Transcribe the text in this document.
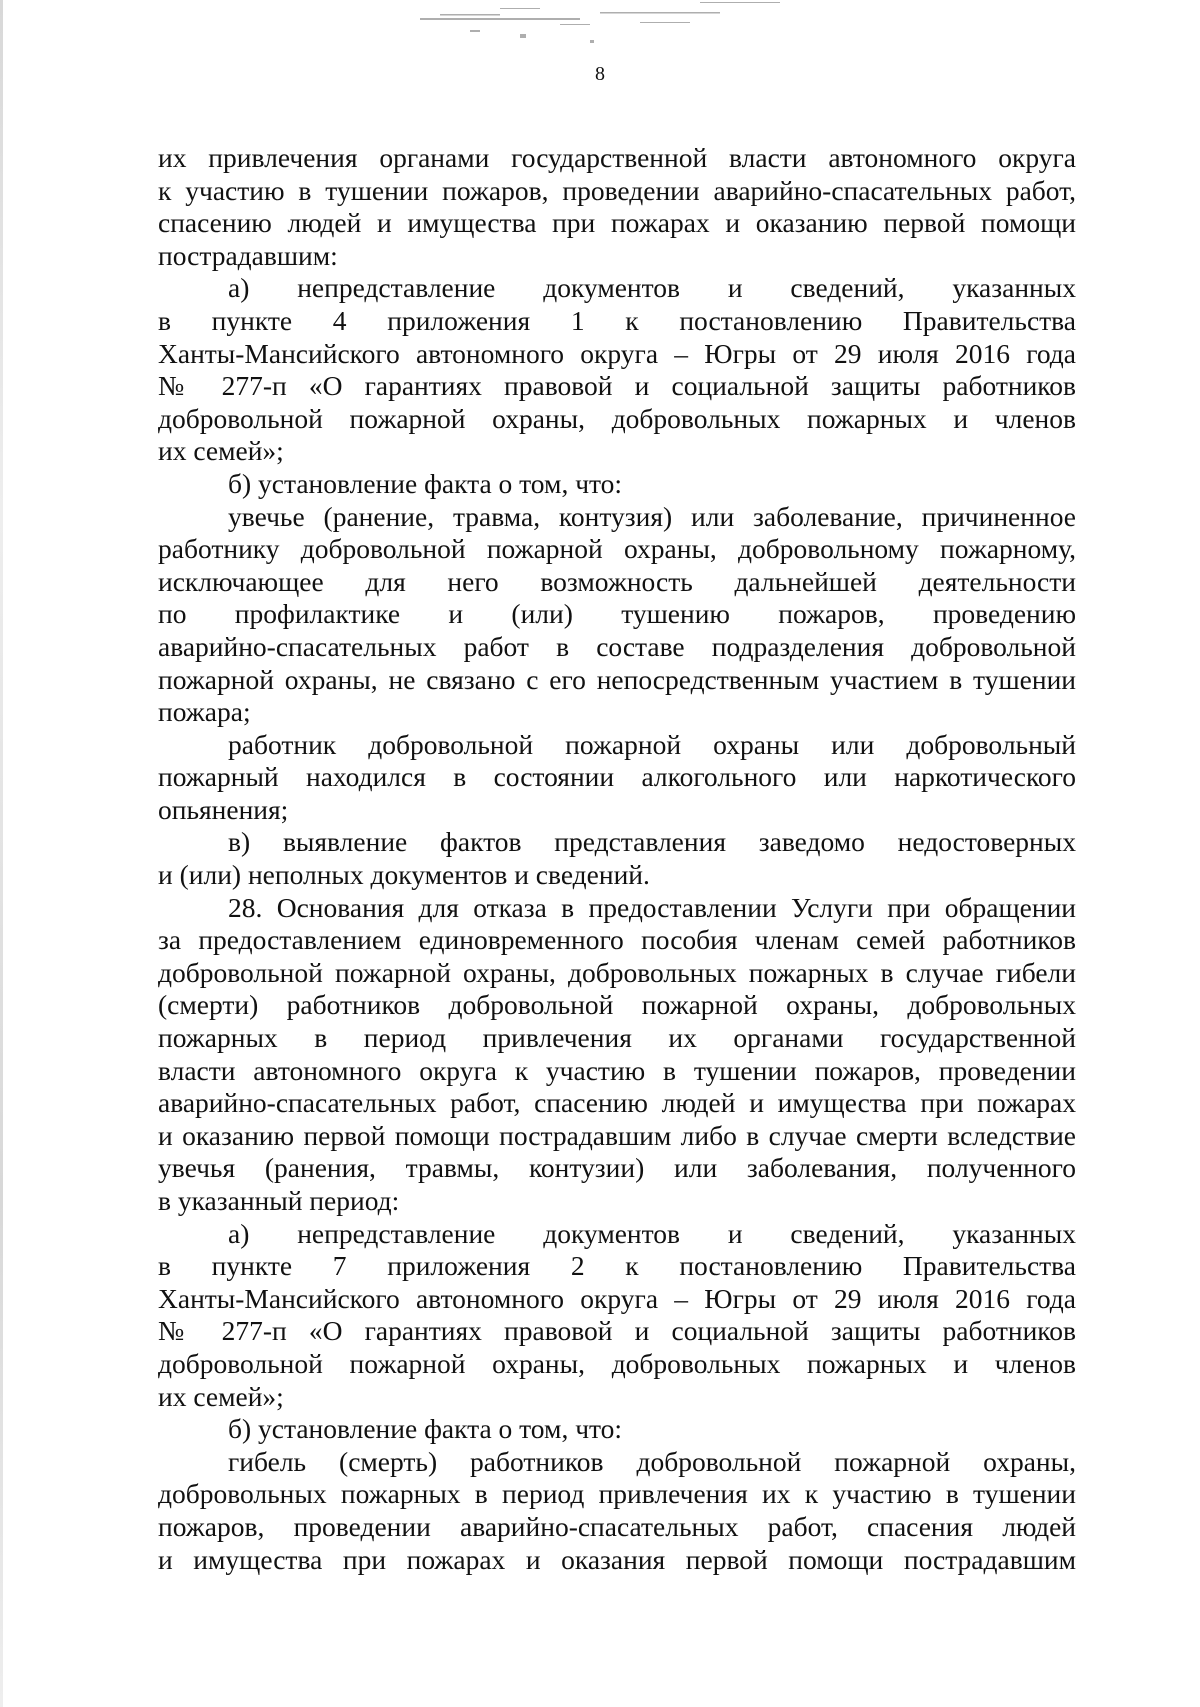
8

их привлечения органами государственной власти автономного округа

к участию в тушении пожаров, проведении аварийно-спасательных работ,

спасению людей и имущества при пожарах и оказанию первой помощи

пострадавшим:

а) непредставление документов и сведений, указанных

в пункте 4 приложения 1 к постановлению Правительства

Ханты-Мансийского автономного округа – Югры от 29 июля 2016 года

№ 277-п «О гарантиях правовой и социальной защиты работников

добровольной пожарной охраны, добровольных пожарных и членов

их семей»;

б) установление факта о том, что:

увечье (ранение, травма, контузия) или заболевание, причиненное

работнику добровольной пожарной охраны, добровольному пожарному,

исключающее для него возможность дальнейшей деятельности

по профилактике и (или) тушению пожаров, проведению

аварийно-спасательных работ в составе подразделения добровольной

пожарной охраны, не связано с его непосредственным участием в тушении

пожара;

работник добровольной пожарной охраны или добровольный

пожарный находился в состоянии алкогольного или наркотического

опьянения;

в) выявление фактов представления заведомо недостоверных

и (или) неполных документов и сведений.

28. Основания для отказа в предоставлении Услуги при обращении

за предоставлением единовременного пособия членам семей работников

добровольной пожарной охраны, добровольных пожарных в случае гибели

(смерти) работников добровольной пожарной охраны, добровольных

пожарных в период привлечения их органами государственной

власти автономного округа к участию в тушении пожаров, проведении

аварийно-спасательных работ, спасению людей и имущества при пожарах

и оказанию первой помощи пострадавшим либо в случае смерти вследствие

увечья (ранения, травмы, контузии) или заболевания, полученного

в указанный период:

а) непредставление документов и сведений, указанных

в пункте 7 приложения 2 к постановлению Правительства

Ханты-Мансийского автономного округа – Югры от 29 июля 2016 года

№ 277-п «О гарантиях правовой и социальной защиты работников

добровольной пожарной охраны, добровольных пожарных и членов

их семей»;

б) установление факта о том, что:

гибель (смерть) работников добровольной пожарной охраны,

добровольных пожарных в период привлечения их к участию в тушении

пожаров, проведении аварийно-спасательных работ, спасения людей

и имущества при пожарах и оказания первой помощи пострадавшим
